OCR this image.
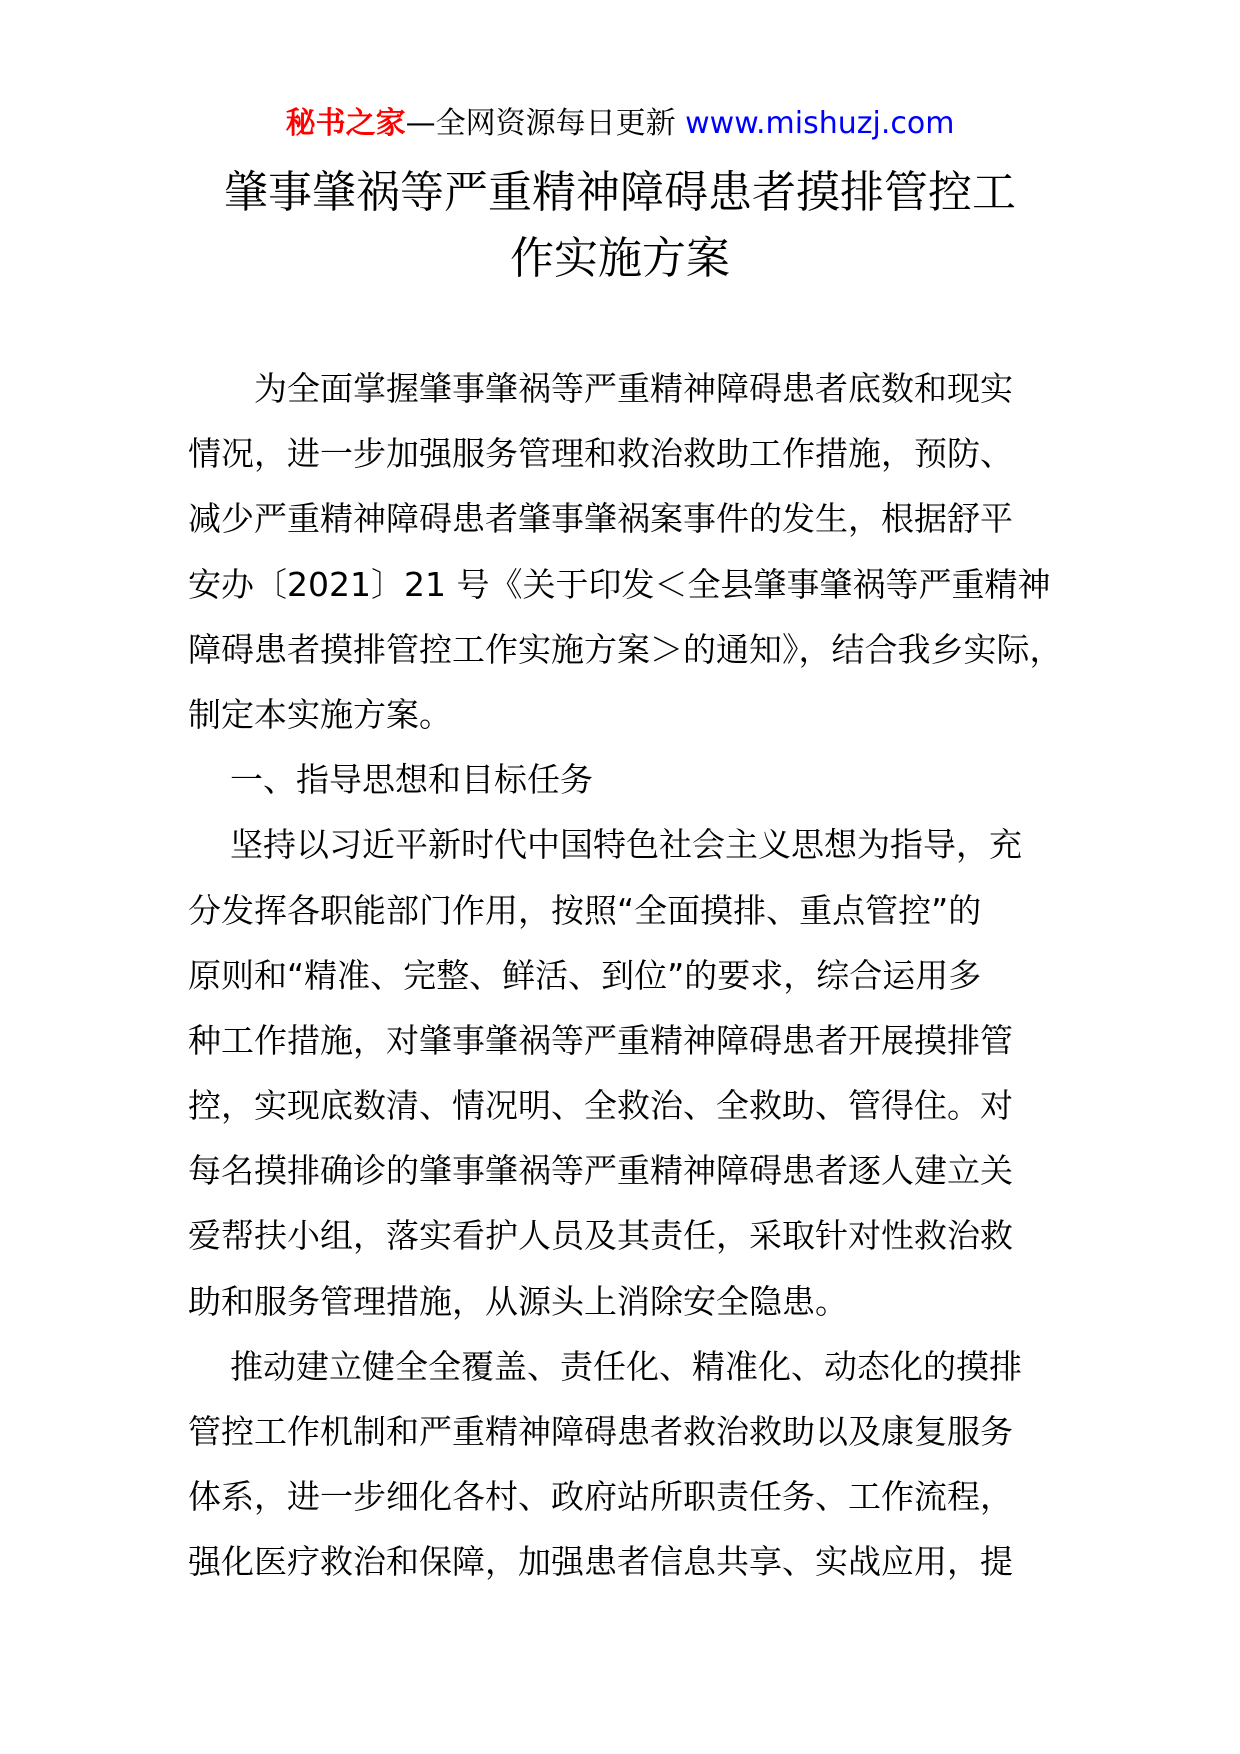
秘书之家—全网资源每日更新 www.mishuzj.com
肇事肇祸等严重精神障碍患者摸排管控工
作实施方案
为全面掌握肇事肇祸等严重精神障碍患者底数和现实
情况，进一步加强服务管理和救治救助工作措施，预防、
减少严重精神障碍患者肇事肇祸案事件的发生，根据舒平
安办〔2021〕21 号《关于印发＜全县肇事肇祸等严重精神
障碍患者摸排管控工作实施方案＞的通知》，结合我乡实际，
制定本实施方案。
一、指导思想和目标任务
坚持以习近平新时代中国特色社会主义思想为指导，充
分发挥各职能部门作用，按照“全面摸排、重点管控”的
原则和“精准、完整、鲜活、到位”的要求，综合运用多
种工作措施，对肇事肇祸等严重精神障碍患者开展摸排管
控，实现底数清、情况明、全救治、全救助、管得住。对
每名摸排确诊的肇事肇祸等严重精神障碍患者逐人建立关
爱帮扶小组，落实看护人员及其责任，采取针对性救治救
助和服务管理措施，从源头上消除安全隐患。
推动建立健全全覆盖、责任化、精准化、动态化的摸排
管控工作机制和严重精神障碍患者救治救助以及康复服务
体系，进一步细化各村、政府站所职责任务、工作流程，
强化医疗救治和保障，加强患者信息共享、实战应用，提
